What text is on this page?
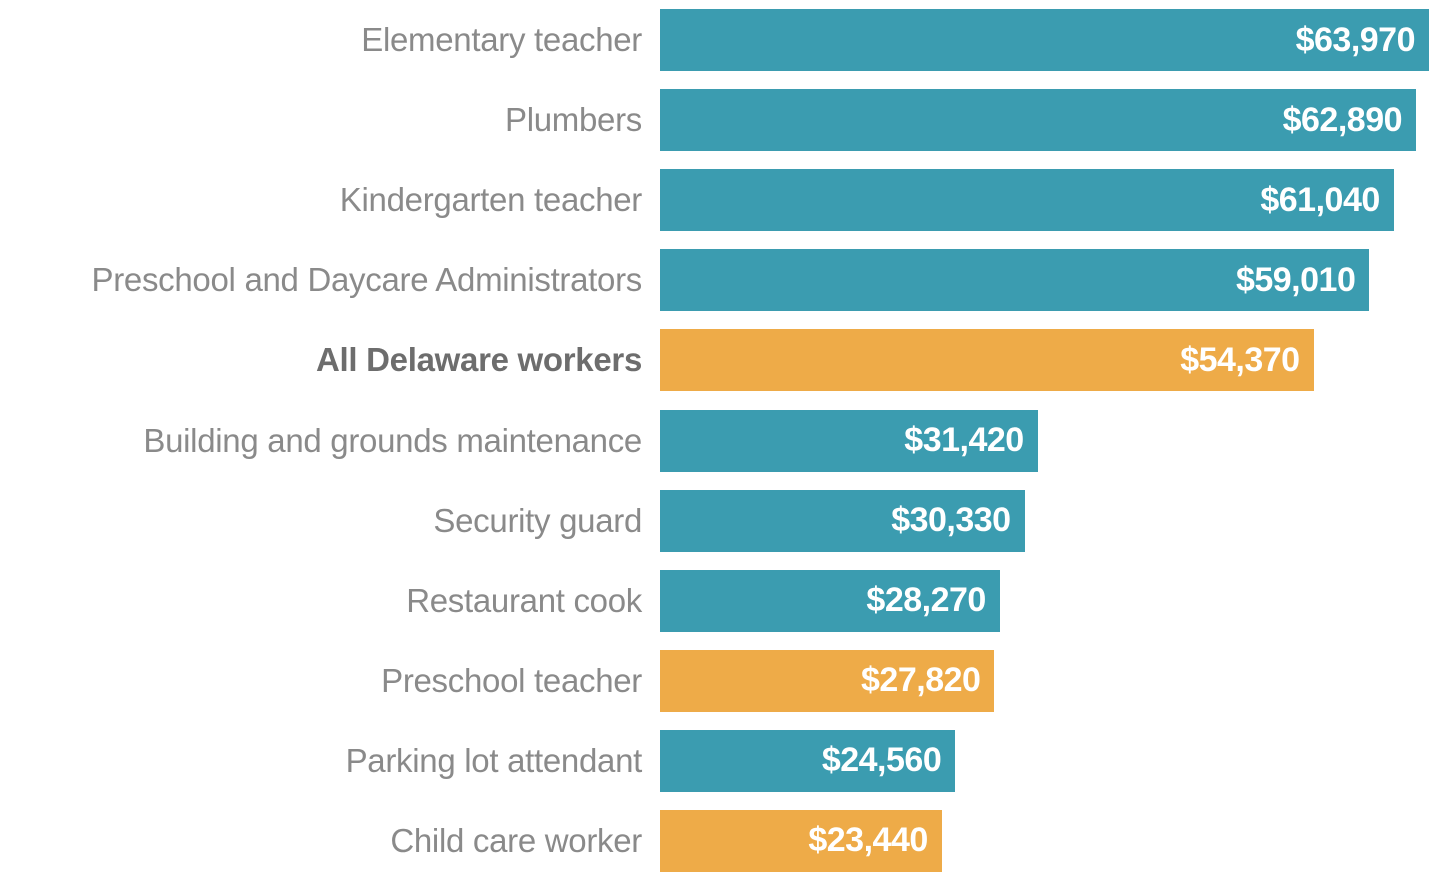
Elementary teacher	$63,970
Plumbers	$62,890
Kindergarten teacher	$61,040
Preschool and Daycare Administrators	$59,010
All Delaware workers	$54,370
Building and grounds maintenance	$31,420
Security guard	$30,330
Restaurant cook	$28,270
Preschool teacher	$27,820
Parking lot attendant	$24,560
Child care worker	$23,440
